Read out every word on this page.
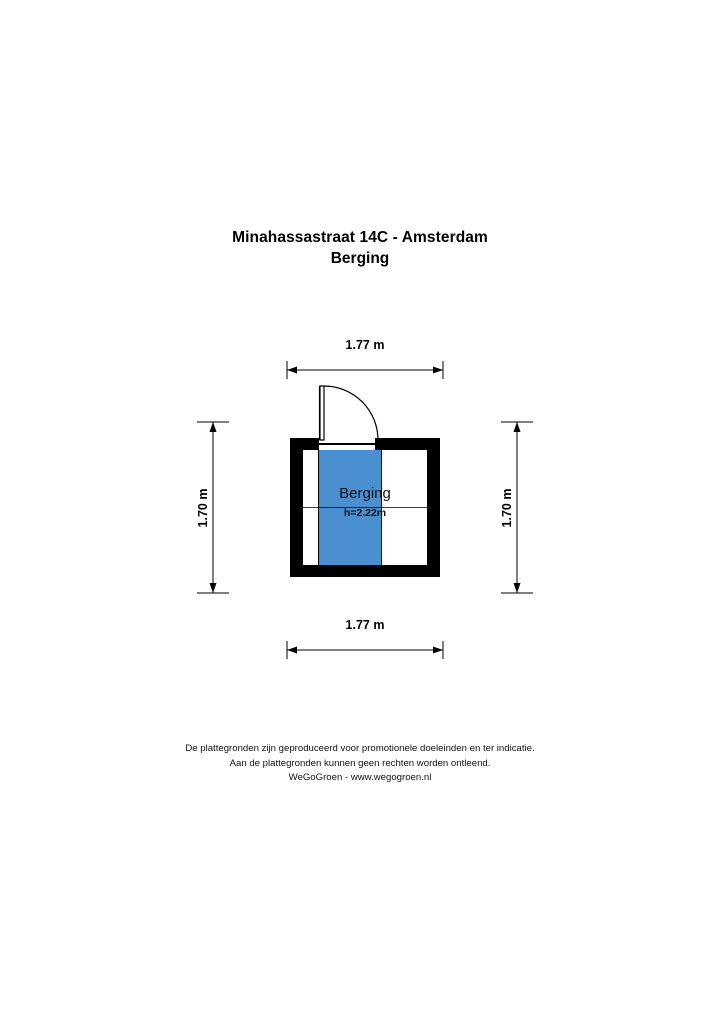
Minahassastraat 14C - Amsterdam
Berging
1.77 m
1.70 m	1.70 m
Berging
h=2.22m
1.77 m
De plattegronden zijn geproduceerd voor promotionele doeleinden en ter indicatie.
Aan de plattegronden kunnen geen rechten worden ontleend.
WeGoGroen - www.wegogroen.nl
